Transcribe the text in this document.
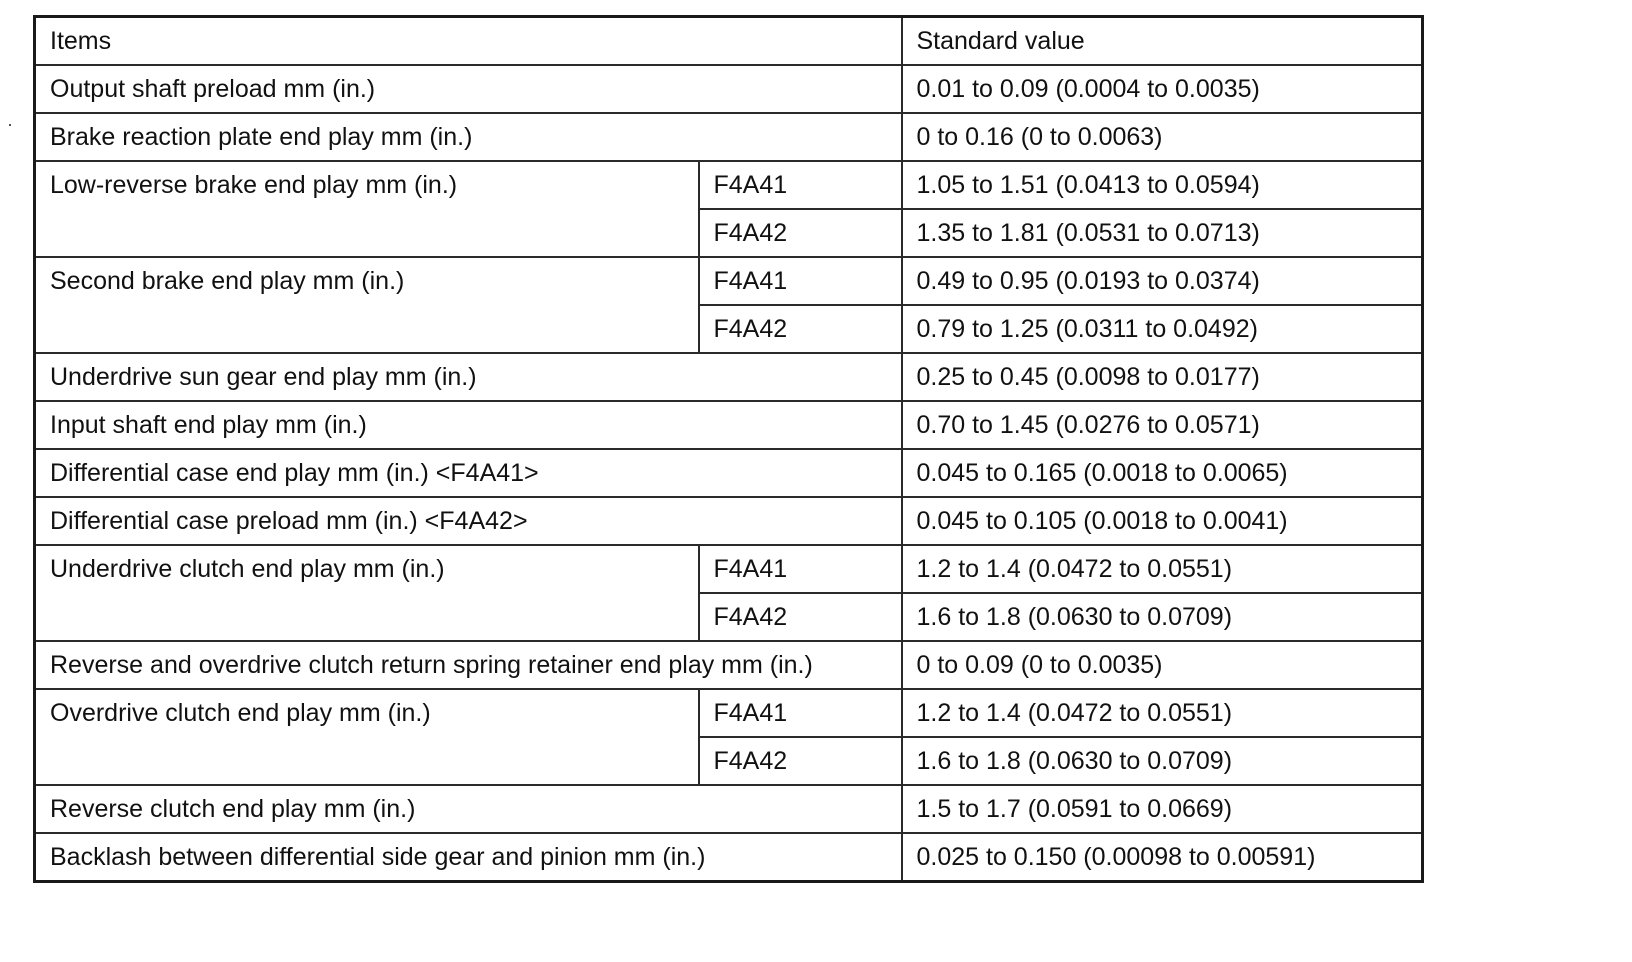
Items		Standard value
Output shaft preload mm (in.)		0.01 to 0.09 (0.0004 to 0.0035)
Brake reaction plate end play mm (in.)		0 to 0.16 (0 to 0.0063)
Low-reverse brake end play mm (in.)	F4A41	1.05 to 1.51 (0.0413 to 0.0594)
	F4A42	1.35 to 1.81 (0.0531 to 0.0713)
Second brake end play mm (in.)	F4A41	0.49 to 0.95 (0.0193 to 0.0374)
	F4A42	0.79 to 1.25 (0.0311 to 0.0492)
Underdrive sun gear end play mm (in.)		0.25 to 0.45 (0.0098 to 0.0177)
Input shaft end play mm (in.)		0.70 to 1.45 (0.0276 to 0.0571)
Differential case end play mm (in.) <F4A41>		0.045 to 0.165 (0.0018 to 0.0065)
Differential case preload mm (in.) <F4A42>		0.045 to 0.105 (0.0018 to 0.0041)
Underdrive clutch end play mm (in.)	F4A41	1.2 to 1.4 (0.0472 to 0.0551)
	F4A42	1.6 to 1.8 (0.0630 to 0.0709)
Reverse and overdrive clutch return spring retainer end play mm (in.)		0 to 0.09 (0 to 0.0035)
Overdrive clutch end play mm (in.)	F4A41	1.2 to 1.4 (0.0472 to 0.0551)
	F4A42	1.6 to 1.8 (0.0630 to 0.0709)
Reverse clutch end play mm (in.)		1.5 to 1.7 (0.0591 to 0.0669)
Backlash between differential side gear and pinion mm (in.)		0.025 to 0.150 (0.00098 to 0.00591)
